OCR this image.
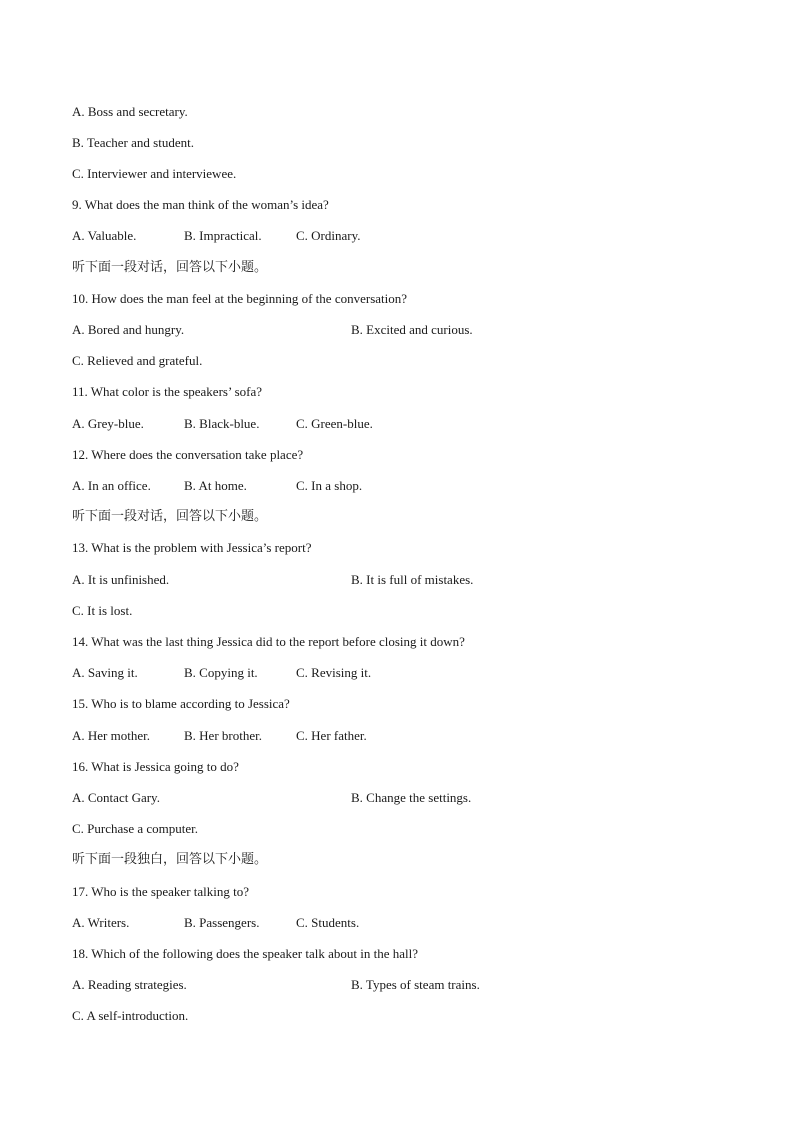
A. Boss and secretary.
B. Teacher and student.
C. Interviewer and interviewee.
9. What does the man think of the woman’s idea?
A. Valuable.	B. Impractical.	C. Ordinary.
听下面一段对话，回答以下小题。
10. How does the man feel at the beginning of the conversation?
A. Bored and hungry.	B. Excited and curious.
C. Relieved and grateful.
11. What color is the speakers’ sofa?
A. Grey-blue.	B. Black-blue.	C. Green-blue.
12. Where does the conversation take place?
A. In an office.	B. At home.	C. In a shop.
听下面一段对话，回答以下小题。
13. What is the problem with Jessica’s report?
A. It is unfinished.	B. It is full of mistakes.
C. It is lost.
14. What was the last thing Jessica did to the report before closing it down?
A. Saving it.	B. Copying it.	C. Revising it.
15. Who is to blame according to Jessica?
A. Her mother.	B. Her brother.	C. Her father.
16. What is Jessica going to do?
A. Contact Gary.	B. Change the settings.
C. Purchase a computer.
听下面一段独白，回答以下小题。
17. Who is the speaker talking to?
A. Writers.	B. Passengers.	C. Students.
18. Which of the following does the speaker talk about in the hall?
A. Reading strategies.	B. Types of steam trains.
C. A self-introduction.
